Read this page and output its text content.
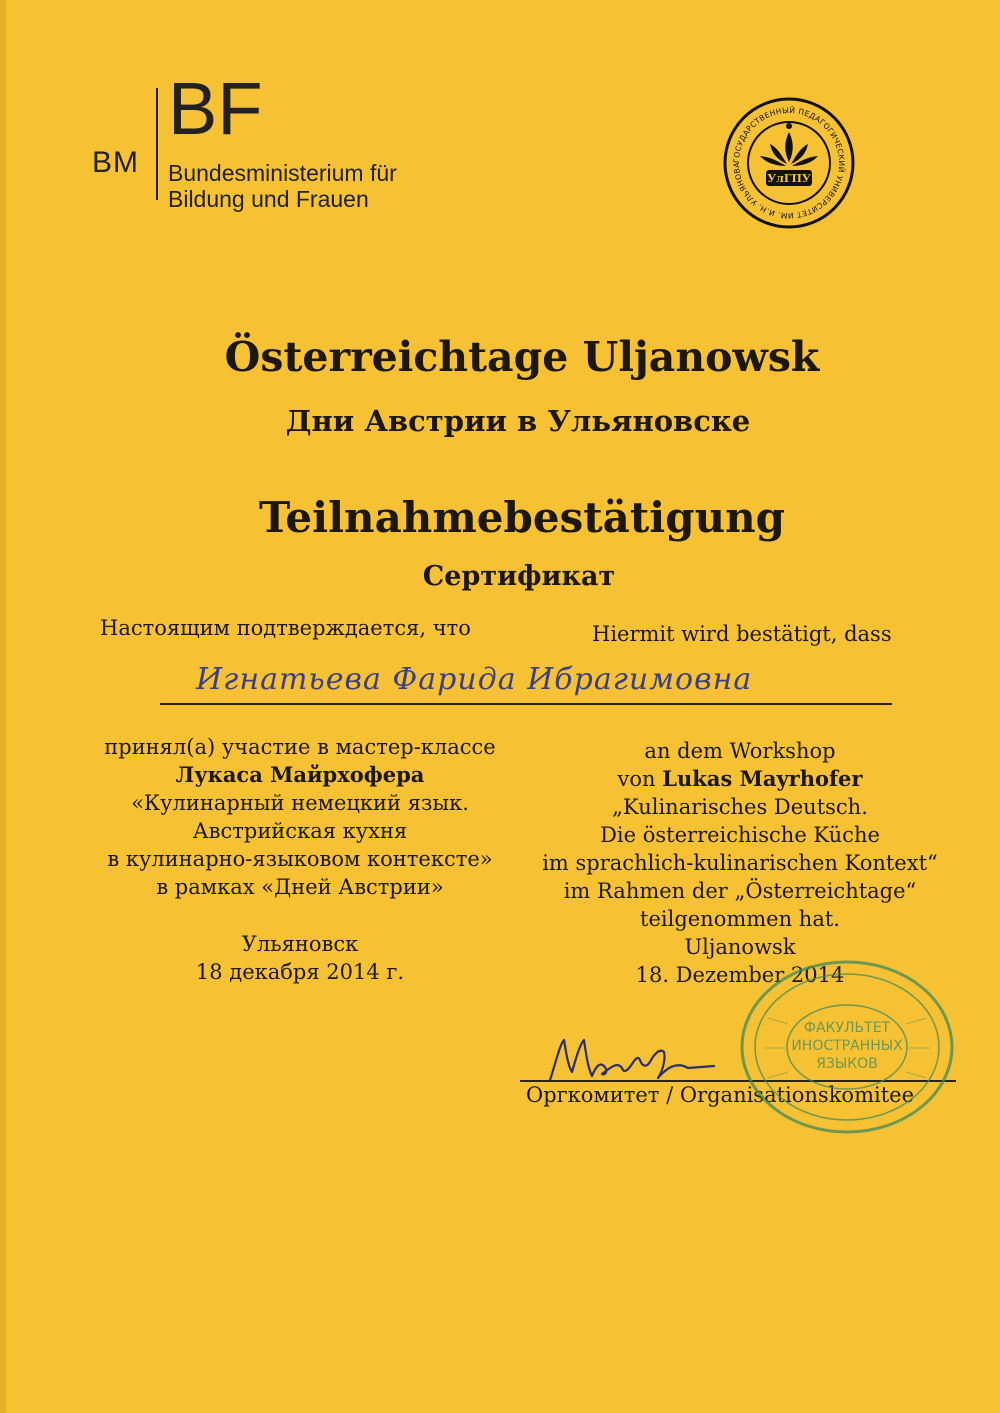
BM
BF
Bundesministerium für
Bildung und Frauen
ГОСУДАРСТВЕННЫЙ ПЕДАГОГИЧЕСКИЙ УНИВЕРСИТЕТ ИМ. И.Н. УЛЬЯНОВА
УлГПУ
Österreichtage Uljanowsk
Дни Австрии в Ульяновске
Teilnahmebestätigung
Сертификат
Настоящим подтверждается, что	Hiermit wird bestätigt, dass
Игнатьева Фарида Ибрагимовна
принял(а) участие в мастер-классе
Лукаса Майрхофера
«Кулинарный немецкий язык.
Австрийская кухня
в кулинарно-языковом контексте»
в рамках «Дней Австрии»
Ульяновск
18 декабря 2014 г.
an dem Workshop
von Lukas Mayrhofer
„Kulinarisches Deutsch.
Die österreichische Küche
im sprachlich-kulinarischen Kontext“
im Rahmen der „Österreichtage“
teilgenommen hat.
Uljanowsk
18. Dezember 2014
Оргкомитет / Organisationskomitee
ФАКУЛЬТЕТ
ИНОСТРАННЫХ
ЯЗЫКОВ
